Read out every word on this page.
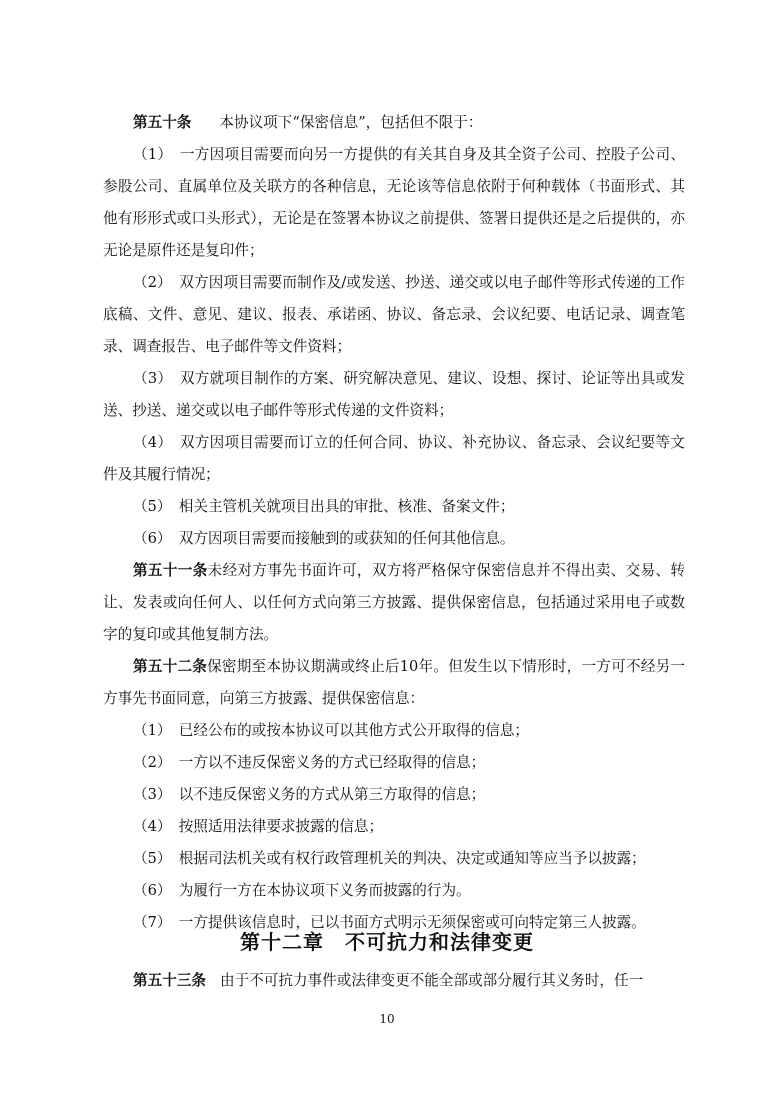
第五十条 本协议项下“保密信息”，包括但不限于：

（1）　一方因项目需要而向另一方提供的有关其自身及其全资子公司、控股子公司、参股公司、直属单位及关联方的各种信息，无论该等信息依附于何种载体（书面形式、其他有形形式或口头形式），无论是在签署本协议之前提供、签署日提供还是之后提供的，亦无论是原件还是复印件；

（2）　双方因项目需要而制作及/或发送、抄送、递交或以电子邮件等形式传递的工作底稿、文件、意见、建议、报表、承诺函、协议、备忘录、会议纪要、电话记录、调查笔录、调查报告、电子邮件等文件资料；

（3）　双方就项目制作的方案、研究解决意见、建议、设想、探讨、论证等出具或发送、抄送、递交或以电子邮件等形式传递的文件资料；

（4）　双方因项目需要而订立的任何合同、协议、补充协议、备忘录、会议纪要等文件及其履行情况；

（5）　相关主管机关就项目出具的审批、核准、备案文件；

（6）　双方因项目需要而接触到的或获知的任何其他信息。

第五十一条未经对方事先书面许可，双方将严格保守保密信息并不得出卖、交易、转让、发表或向任何人、以任何方式向第三方披露、提供保密信息，包括通过采用电子或数字的复印或其他复制方法。

第五十二条保密期至本协议期满或终止后10年。但发生以下情形时，一方可不经另一方事先书面同意，向第三方披露、提供保密信息：

（1）　已经公布的或按本协议可以其他方式公开取得的信息；

（2）　一方以不违反保密义务的方式已经取得的信息；

（3）　以不违反保密义务的方式从第三方取得的信息；

（4）　按照适用法律要求披露的信息；

（5）　根据司法机关或有权行政管理机关的判决、决定或通知等应当予以披露；

（6）　为履行一方在本协议项下义务而披露的行为。

（7）　一方提供该信息时，已以书面方式明示无须保密或可向特定第三人披露。

第十二章　不可抗力和法律变更

第五十三条 由于不可抗力事件或法律变更不能全部或部分履行其义务时，任一

10
